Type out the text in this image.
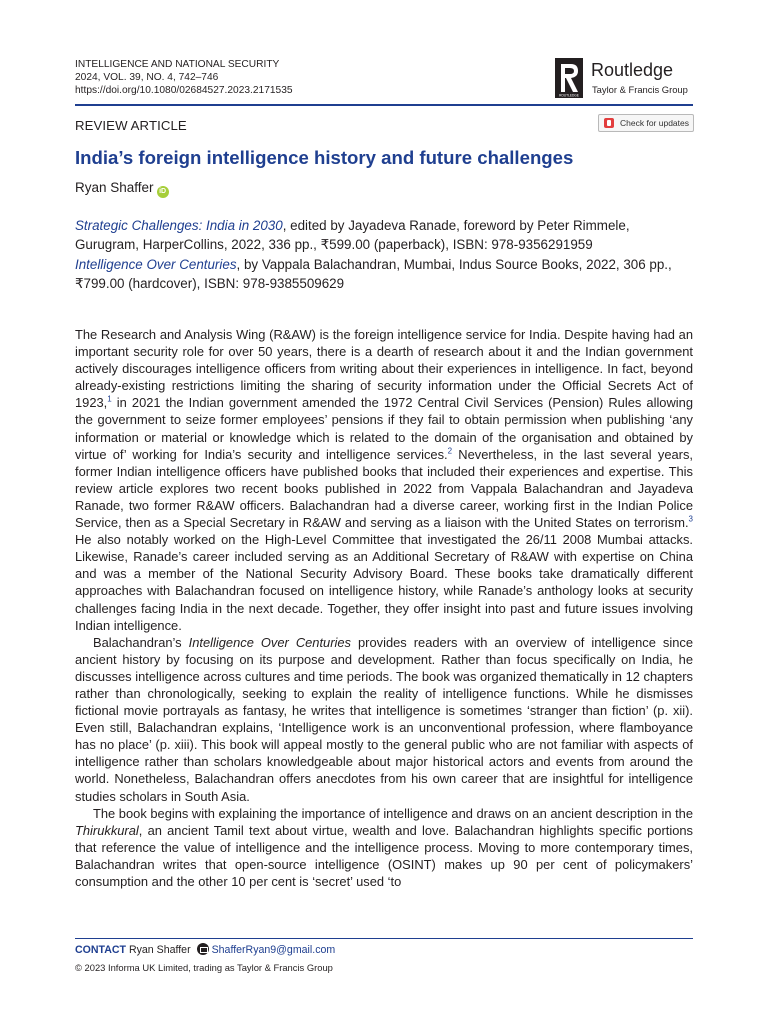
INTELLIGENCE AND NATIONAL SECURITY
2024, VOL. 39, NO. 4, 742–746
https://doi.org/10.1080/02684527.2023.2171535	ROUTLEDGE
Routledge
Taylor & Francis Group
REVIEW ARTICLE	Check for updates
India’s foreign intelligence history and future challenges
Ryan Shaffer iD

Strategic Challenges: India in 2030, edited by Jayadeva Ranade, foreword by Peter Rimmele, Gurugram, HarperCollins, 2022, 336 pp., ₹599.00 (paperback), ISBN: 978-9356291959

Intelligence Over Centuries, by Vappala Balachandran, Mumbai, Indus Source Books, 2022, 306 pp., ₹799.00 (hardcover), ISBN: 978-9385509629

The Research and Analysis Wing (R&AW) is the foreign intelligence service for India. Despite having had an important security role for over 50 years, there is a dearth of research about it and the Indian government actively discourages intelligence officers from writing about their experiences in intelligence. In fact, beyond already-existing restrictions limiting the sharing of security information under the Official Secrets Act of 1923,$^1$ in 2021 the Indian government amended the 1972 Central Civil Services (Pension) Rules allowing the government to seize former employees’ pensions if they fail to obtain permission when publishing ‘any information or material or knowledge which is related to the domain of the organisation and obtained by virtue of’ working for India’s security and intelligence services.$^2$ Nevertheless, in the last several years, former Indian intelligence officers have published books that included their experiences and expertise. This review article explores two recent books published in 2022 from Vappala Balachandran and Jayadeva Ranade, two former R&AW officers. Balachandran had a diverse career, working first in the Indian Police Service, then as a Special Secretary in R&AW and serving as a liaison with the United States on terrorism.$^3$ He also notably worked on the High-Level Committee that investigated the 26/11 2008 Mumbai attacks. Likewise, Ranade’s career included serving as an Additional Secretary of R&AW with expertise on China and was a member of the National Security Advisory Board. These books take dramatically different approaches with Balachandran focused on intelligence history, while Ranade’s anthology looks at security challenges facing India in the next decade. Together, they offer insight into past and future issues involving Indian intelligence.

Balachandran’s Intelligence Over Centuries provides readers with an overview of intelligence since ancient history by focusing on its purpose and development. Rather than focus specifically on India, he discusses intelligence across cultures and time periods. The book was organized thematically in 12 chapters rather than chronologically, seeking to explain the reality of intelligence functions. While he dismisses fictional movie portrayals as fantasy, he writes that intelligence is sometimes ‘stranger than fiction’ (p. xii). Even still, Balachandran explains, ‘Intelligence work is an unconventional profession, where flamboyance has no place’ (p. xiii). This book will appeal mostly to the general public who are not familiar with aspects of intelligence rather than scholars knowledgeable about major historical actors and events from around the world. Nonetheless, Balachandran offers anecdotes from his own career that are insightful for intelligence studies scholars in South Asia.

The book begins with explaining the importance of intelligence and draws on an ancient description in the Thirukkural, an ancient Tamil text about virtue, wealth and love. Balachandran highlights specific portions that reference the value of intelligence and the intelligence process. Moving to more contemporary times, Balachandran writes that open-source intelligence (OSINT) makes up 90 per cent of policymakers’ consumption and the other 10 per cent is ‘secret’ used ‘to

CONTACT Ryan Shaffer ShafferRyan9@gmail.com
© 2023 Informa UK Limited, trading as Taylor & Francis Group
